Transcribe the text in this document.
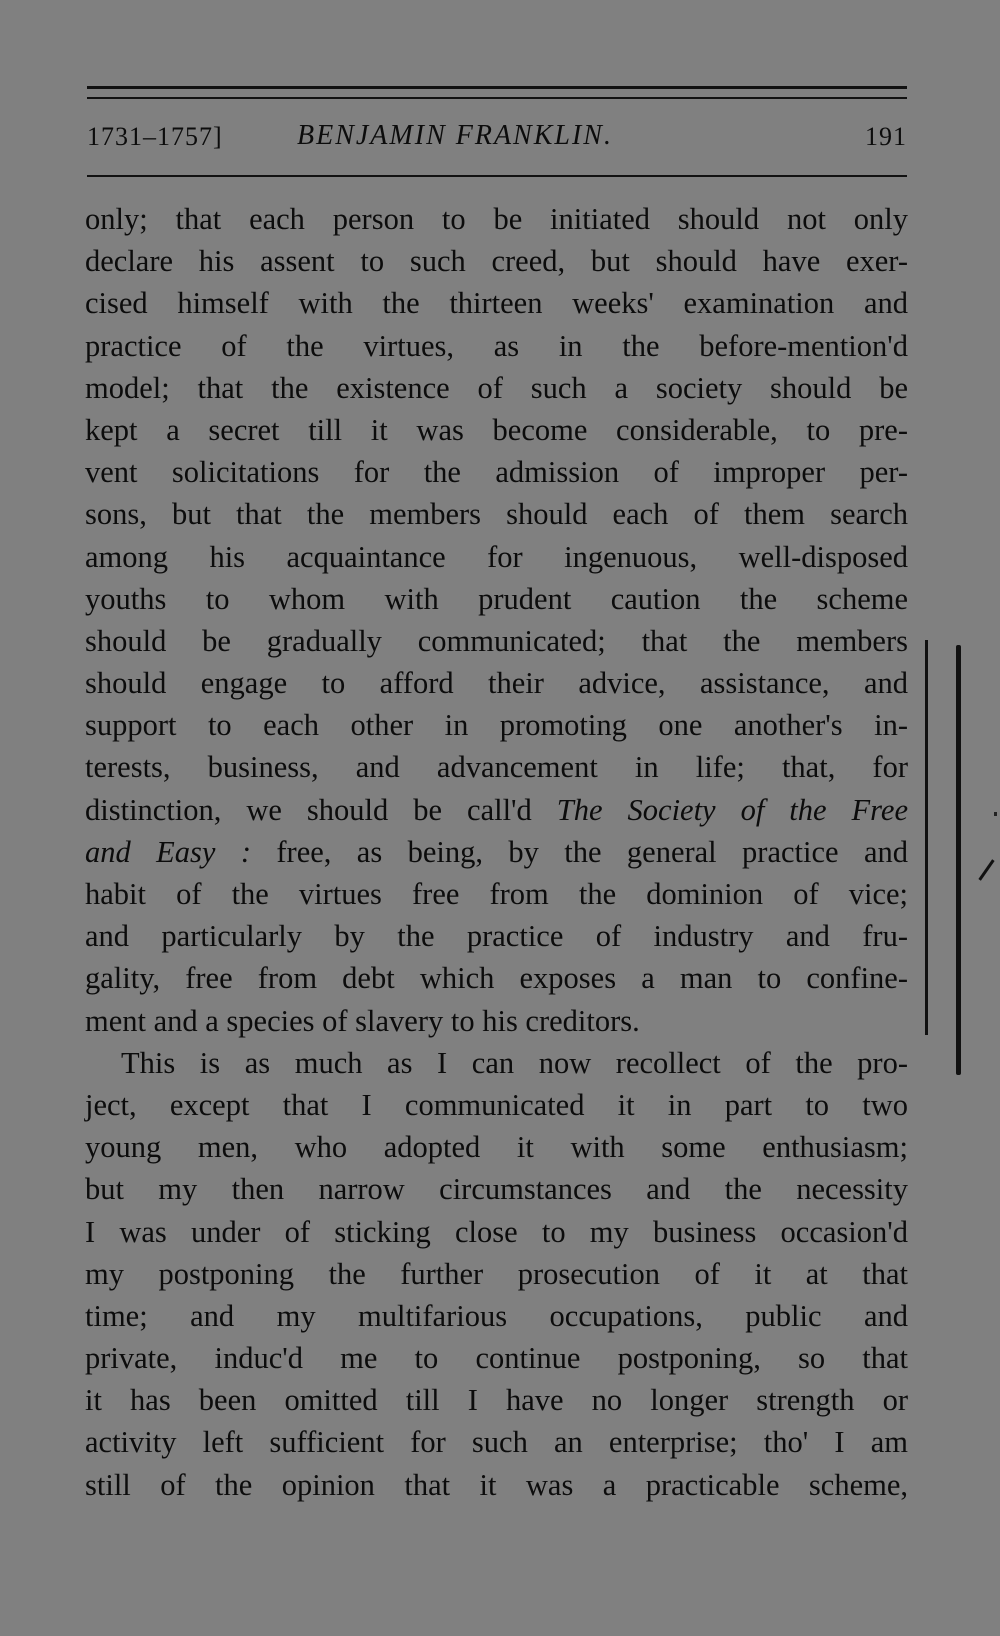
1731–1757]	BENJAMIN FRANKLIN.	191
only; that each person to be initiated should not only
declare his assent to such creed, but should have exer-
cised himself with the thirteen weeks' examination and
practice of the virtues, as in the before-mention'd
model; that the existence of such a society should be
kept a secret till it was become considerable, to pre-
vent solicitations for the admission of improper per-
sons, but that the members should each of them search
among his acquaintance for ingenuous, well-disposed
youths to whom with prudent caution the scheme
should be gradually communicated; that the members
should engage to afford their advice, assistance, and
support to each other in promoting one another's in-
terests, business, and advancement in life; that, for
distinction, we should be call'd The Society of the Free
and Easy : free, as being, by the general practice and
habit of the virtues free from the dominion of vice;
and particularly by the practice of industry and fru-
gality, free from debt which exposes a man to confine-
ment and a species of slavery to his creditors.
This is as much as I can now recollect of the pro-
ject, except that I communicated it in part to two
young men, who adopted it with some enthusiasm;
but my then narrow circumstances and the necessity
I was under of sticking close to my business occasion'd
my postponing the further prosecution of it at that
time; and my multifarious occupations, public and
private, induc'd me to continue postponing, so that
it has been omitted till I have no longer strength or
activity left sufficient for such an enterprise; tho' I am
still of the opinion that it was a practicable scheme,
